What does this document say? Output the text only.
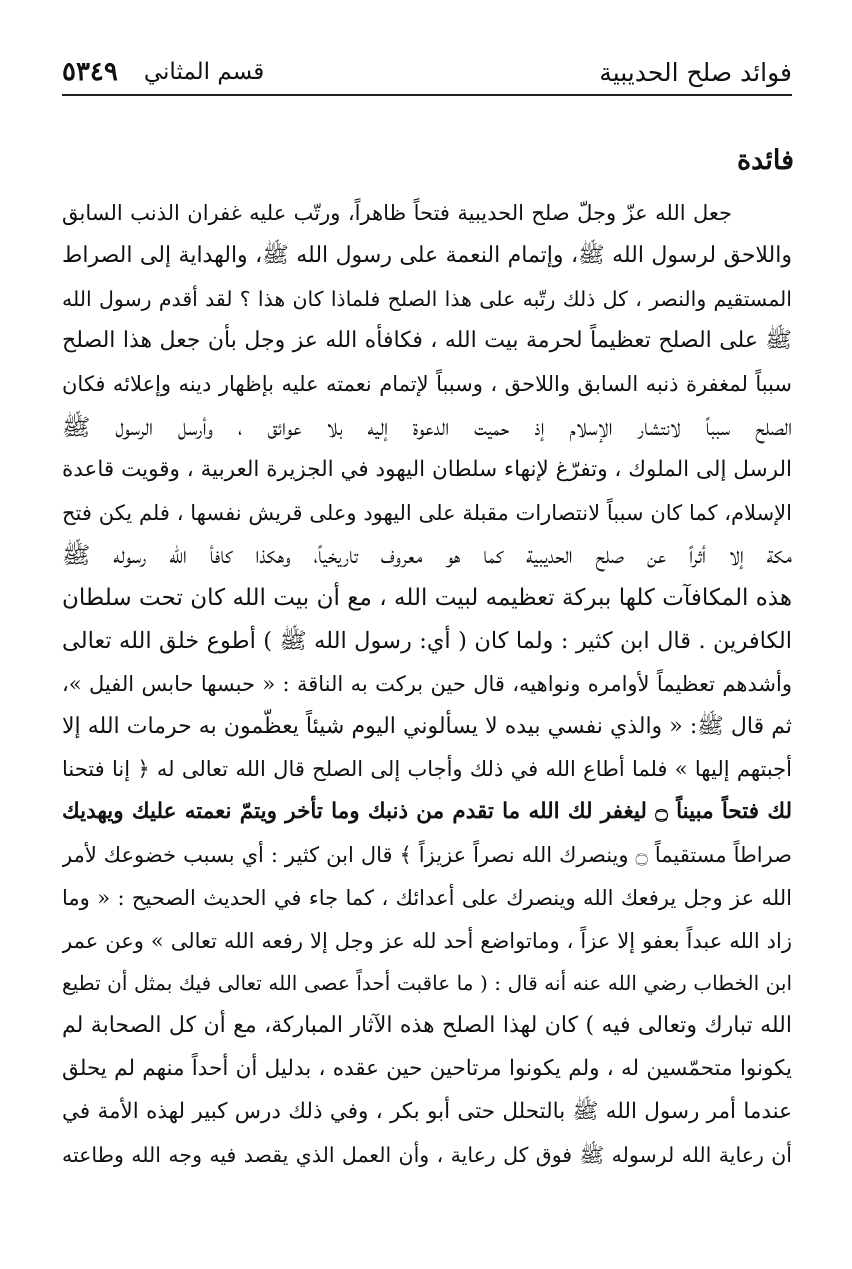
فوائد صلح الحديبية
قسم المثاني
٥٣٤٩
فائدة
جعل الله عزّ وجلّ صلح الحديبية فتحاً ظاهراً، ورتّب عليه غفران الذنب السابق
واللاحق لرسول الله ﷺ، وإتمام النعمة على رسول الله ﷺ، والهداية إلى الصراط
المستقيم والنصر ، كل ذلك رتّبه على هذا الصلح فلماذا كان هذا ؟ لقد أقدم رسول الله
ﷺ على الصلح تعظيماً لحرمة بيت الله ، فكافأه الله عز وجل بأن جعل هذا الصلح
سبباً لمغفرة ذنبه السابق واللاحق ، وسبباً لإتمام نعمته عليه بإظهار دينه وإعلائه فكان
الصلح سبباً لانتشار الإسلام إذ حميت الدعوة إليه بلا عوائق ، وأرسل الرسول ﷺ
الرسل إلى الملوك ، وتفرّغ لإنهاء سلطان اليهود في الجزيرة العربية ، وقويت قاعدة
الإسلام، كما كان سبباً لانتصارات مقبلة على اليهود وعلى قريش نفسها ، فلم يكن فتح
مكة إلا أثراً عن صلح الحديبية كما هو معروف تاريخياً، وهكذا كافأ الله رسوله ﷺ
هذه المكافآت كلها ببركة تعظيمه لبيت الله ، مع أن بيت الله كان تحت سلطان
الكافرين . قال ابن كثير : ولما كان ( أي: رسول الله ﷺ ) أطوع خلق الله تعالى
وأشدهم تعظيماً لأوامره ونواهيه، قال حين بركت به الناقة : « حبسها حابس الفيل »،
ثم قال ﷺ: « والذي نفسي بيده لا يسألوني اليوم شيئاً يعظّمون به حرمات الله إلا
أجبتهم إليها » فلما أطاع الله في ذلك وأجاب إلى الصلح قال الله تعالى له ﴿ إنا فتحنا
لك فتحاً مبيناً ۝ ليغفر لك الله ما تقدم من ذنبك وما تأخر ويتمّ نعمته عليك ويهديك
صراطاً مستقيماً ۝ وينصرك الله نصراً عزيزاً ﴾ قال ابن كثير : أي بسبب خضوعك لأمر
الله عز وجل يرفعك الله وينصرك على أعدائك ، كما جاء في الحديث الصحيح : « وما
زاد الله عبداً بعفو إلا عزاً ، وماتواضع أحد لله عز وجل إلا رفعه الله تعالى » وعن عمر
ابن الخطاب رضي الله عنه أنه قال : ( ما عاقبت أحداً عصى الله تعالى فيك بمثل أن تطيع
الله تبارك وتعالى فيه ) كان لهذا الصلح هذه الآثار المباركة، مع أن كل الصحابة لم
يكونوا متحمّسين له ، ولم يكونوا مرتاحين حين عقده ، بدليل أن أحداً منهم لم يحلق
عندما أمر رسول الله ﷺ بالتحلل حتى أبو بكر ، وفي ذلك درس كبير لهذه الأمة في
أن رعاية الله لرسوله ﷺ فوق كل رعاية ، وأن العمل الذي يقصد فيه وجه الله وطاعته
